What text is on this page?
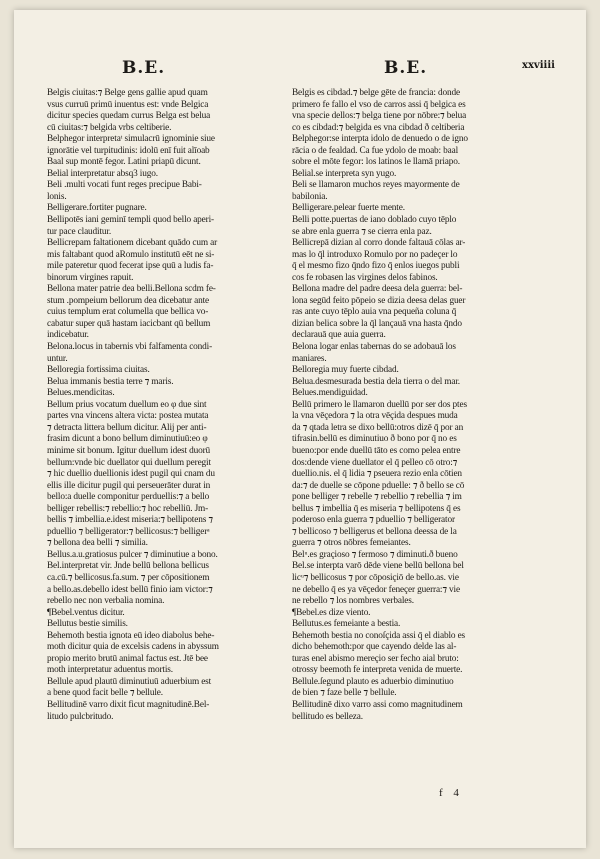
B.E.	B.E.	xxviiii

Belgis ciuitas:⁊ Belge gens gallie apud quam
vsus curruū primū inuentus est: vnde Belgica
dicitur species quedam currus Belga est belua
cū ciuitas:⁊ belgida vrbs celtiberie.

Belphegor interpretaᵗ simulacrū ignominie siue
ignorātie vel turpitudinis: idolū enī fuit alīoab
Baal sup montē fegor. Latini priapū dicunt.

Belial interpretatur absq3 iugo.

Beli .multi vocati funt reges precipue Babi-
lonis.

Belligerare.fortiter pugnare.

Bellipotēs iani geminī templi quod bello aperi-
tur pace clauditur.

Bellicrepam faltationem dicebant quādo cum ar
mis faltabant quod aRomulo institutū eēt ne si-
mile pateretur quod fecerat ipse quū a ludis fa-
binorum virgines rapuit.

Bellona mater patrie dea belli.Bellona scdm fe-
stum .pompeium bellorum dea dicebatur ante
cuius templum erat columella que bellica vo-
cabatur super quā hastam iacicbant qū bellum
indicebatur.

Belona.locus in tabernis vbi falfamenta condi-
untur.

Belloregia fortissima ciuitas.

Belua immanis bestia terre ⁊ maris.

Belues.mendicitas.

Bellum prius vocatum duellum eo φ due sint
partes vna vincens altera victa: postea mutata
⁊ detracta littera bellum dicitur. Alij per anti-
frasim dicunt a bono bellum diminutiuū:eo φ
minime sit bonum. Igitur duellum idest duorū
bellum:vnde bic duellator qui duellum peregit
⁊ hic duellio duellionis idest pugil qui cnam du
ellis ille dicitur pugil qui perseuerāter durat in
bello:a duelle componitur perduellis:⁊ a bello
belliger rebellis:⁊ rebellio:⁊ hoc rebelliū. Jm-
bellis ⁊ imbellia.e.idest miseria:⁊ bellipotens ⁊
pduellio ⁊ belligerator:⁊ bellicosus:⁊ belligerᵃ
⁊ bellona dea belli ⁊ similia.

Bellus.a.u.gratiosus pulcer ⁊ diminutiue a bono.

Bel.interpretat vir. Jnde bellū bellona bellicus
ca.cū.⁊ bellicosus.fa.sum. ⁊ per cōpositionem
a bello.as.debello idest bellū finio iam victor:⁊
rebello nec non verbalia nomina.

¶Bebel.ventus dicitur.

Bellutus bestie similis.

Behemoth bestia ignota eū ideo diabolus behe-
moth dicitur quia de excelsis cadens in abyssum
propio merito brutū animal factus est. Jtē bee
moth interpretatur aduentus mortis.

Bellule apud plautū diminutiuū aduerbium est
a bene quod facit belle ⁊ bellule.

Bellitudinē varro dixit ficut magnitudinē.Bel-
litudo pulcbritudo.

Belgis es cibdad.⁊ belge gēte de francia: donde
primero fe fallo el vso de carros assi q̄ belgica es
vna specie dellos:⁊ belga tiene por nōbre:⁊ belua
co es cibdad:⁊ belgida es vna cibdad ð celtiberia

Belphegor:se interpta idolo de denuedo o de igno
rācia o de fealdad. Ca fue ydolo de moab: baal
sobre el mōte fegor: los latinos le llamā priapo.

Belial.se interpreta syn yugo.

Beli se llamaron muchos reyes mayormente de
babilonia.

Belligerare.pelear fuerte mente.

Belli potte.puertas de iano doblado cuyo tēplo
se abre enla guerra ⁊ se cierra enla paz.

Bellicrepā dizian al corro donde faltauā cōlas ar-
mas lo q̄l introduxo Romulo por no padeçer lo
q̄ el mesmo fizo q̄ndo fizo q̄ enlos iuegos publi
cos fe robasen las virgines delos fabinos.

Bellona madre del padre deesa dela guerra: bel-
lona segūd feito pōpeio se dizia deesa delas guer
ras ante cuyo tēplo auia vna pequeña coluna q̄
dizian belica sobre la q̄l lançauā vna hasta q̄ndo
declarauā que auia guerra.

Belona logar enlas tabernas do se adobauā los
maniares.

Belloregia muy fuerte cibdad.

Belua.desmesurada bestia dela tierra o del mar.

Belues.mendiguidad.

Bellū primero le llamaron duellū por ser dos ptes
la vna vēçedora ⁊ la otra vēçida despues muda
da ⁊ qtada letra se dixo bellū:otros dizē q̄ por an
tifrasin.bellū es diminutiuo ð bono por q̄ no es
bueno:por ende duellū tāto es como pelea entre
dos:dende viene duellator el q̄ pelleo cō otro:⁊
duellio.nis. el q̄ lidia ⁊ pseuera rezio enla cōtien
da:⁊ de duelle se cōpone pduelle: ⁊ ð bello se cō
pone belliger ⁊ rebelle ⁊ rebellio ⁊ rebellia ⁊ im
bellus ⁊ imbellia q̄ es miseria ⁊ bellipotens q̄ es
poderoso enla guerra ⁊ pduellio ⁊ belligerator
⁊ bellicoso ⁊ belligerus et bellona deessa de la
guerra ⁊ otros nōbres femeiantes.

Belᵘ.es graçioso ⁊ fermoso ⁊ diminuti.ð bueno

Bel.se interpta varō dēde viene bellū bellona bel
licᵘ⁊ bellicosus ⁊ por cōposiçiō de bello.as. vie
ne debello q̄ es ya vēçedor feneçer guerra:⁊ vie
ne rebello ⁊ los nombres verbales.

¶Bebel.es dize viento.

Bellutus.es femeiante a bestia.

Behemoth bestia no conoſçida assi q̄ el diablo es
dicho behemoth:por que cayendo delde las al-
turas enel abismo mereçio ser fecho aial bruto:
otrossy beemoth fe interpreta venida de muerte.

Bellule.ſegund plauto es aduerbio diminutiuo
de bien ⁊ faze belle ⁊ bellule.

Bellitudinē dixo varro assi como magnitudinem
bellitudo es belleza.

f 4
